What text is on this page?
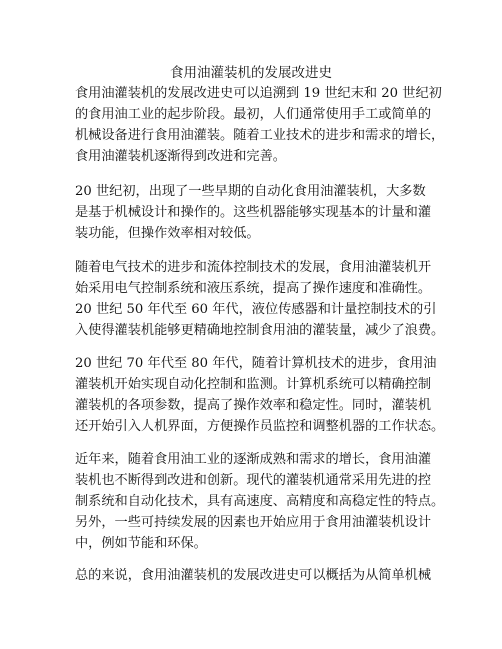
食用油灌装机的发展改进史
食用油灌装机的发展改进史可以追溯到 19 世纪末和 20 世纪初
的食用油工业的起步阶段。最初，人们通常使用手工或简单的
机械设备进行食用油灌装。随着工业技术的进步和需求的增长，
食用油灌装机逐渐得到改进和完善。
20 世纪初，出现了一些早期的自动化食用油灌装机，大多数
是基于机械设计和操作的。这些机器能够实现基本的计量和灌
装功能，但操作效率相对较低。
随着电气技术的进步和流体控制技术的发展，食用油灌装机开
始采用电气控制系统和液压系统，提高了操作速度和准确性。
20 世纪 50 年代至 60 年代，液位传感器和计量控制技术的引
入使得灌装机能够更精确地控制食用油的灌装量，减少了浪费。
20 世纪 70 年代至 80 年代，随着计算机技术的进步，食用油
灌装机开始实现自动化控制和监测。计算机系统可以精确控制
灌装机的各项参数，提高了操作效率和稳定性。同时，灌装机
还开始引入人机界面，方便操作员监控和调整机器的工作状态。
近年来，随着食用油工业的逐渐成熟和需求的增长，食用油灌
装机也不断得到改进和创新。现代的灌装机通常采用先进的控
制系统和自动化技术，具有高速度、高精度和高稳定性的特点。
另外，一些可持续发展的因素也开始应用于食用油灌装机设计
中，例如节能和环保。
总的来说，食用油灌装机的发展改进史可以概括为从简单机械
